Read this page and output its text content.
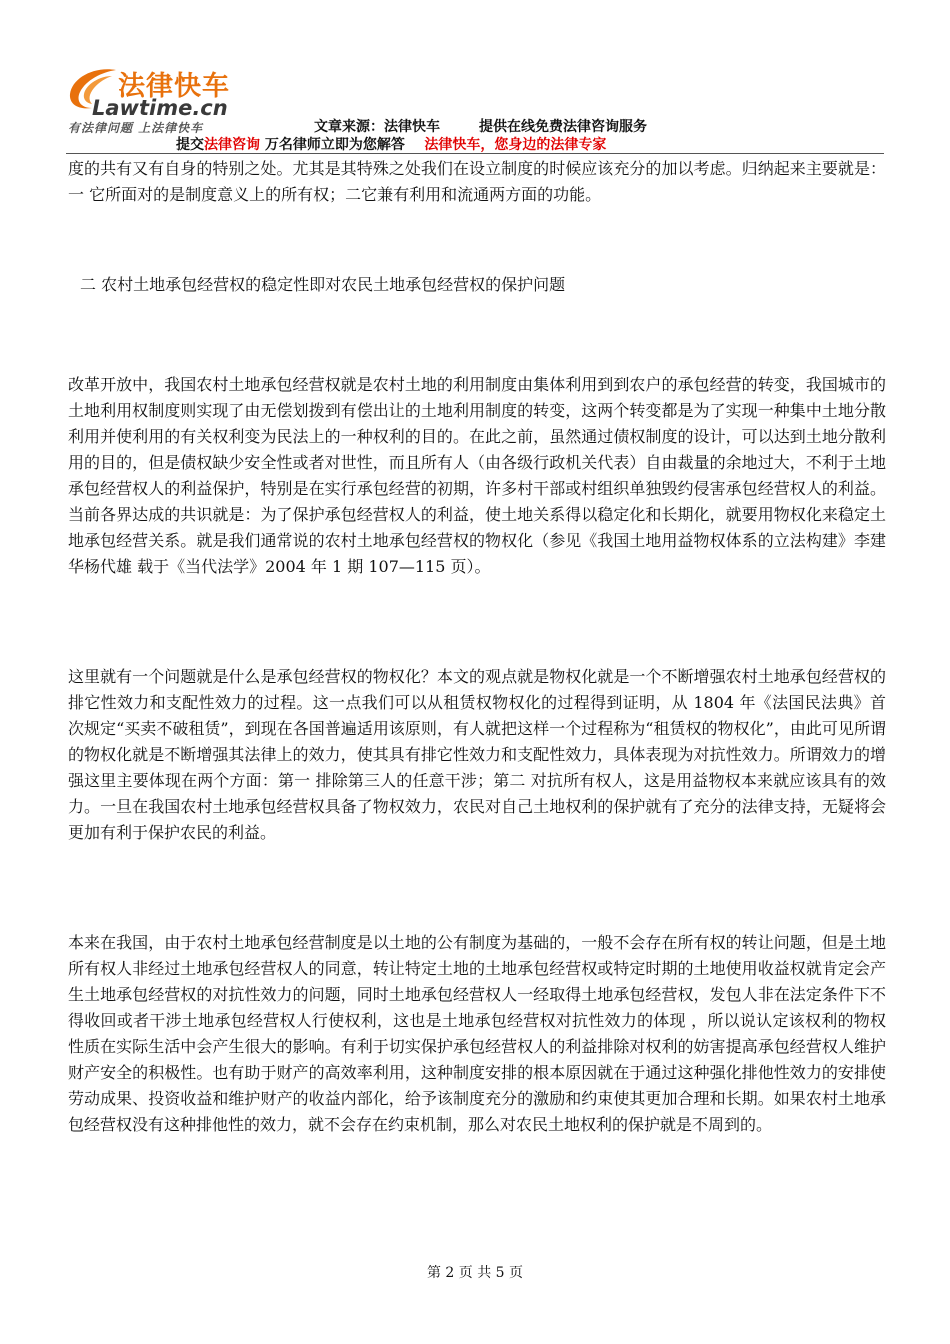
法律快车
Lawtime.cn
有法律问题 上法律快车	文章来源：法律快车	提供在线免费法律咨询服务
提交法律咨询 万名律师立即为您解答 法律快车，您身边的法律专家

度的共有又有自身的特别之处。尤其是其特殊之处我们在设立制度的时候应该充分的加以考虑。归纳起来主要就是：一 它所面对的是制度意义上的所有权；二它兼有利用和流通两方面的功能。

二 农村土地承包经营权的稳定性即对农民土地承包经营权的保护问题

改革开放中，我国农村土地承包经营权就是农村土地的利用制度由集体利用到到农户的承包经营的转变，我国城市的土地利用权制度则实现了由无偿划拨到有偿出让的土地利用制度的转变，这两个转变都是为了实现一种集中土地分散利用并使利用的有关权利变为民法上的一种权利的目的。在此之前，虽然通过债权制度的设计，可以达到土地分散利用的目的，但是债权缺少安全性或者对世性，而且所有人（由各级行政机关代表）自由裁量的余地过大，不利于土地承包经营权人的利益保护，特别是在实行承包经营的初期，许多村干部或村组织单独毁约侵害承包经营权人的利益。当前各界达成的共识就是：为了保护承包经营权人的利益，使土地关系得以稳定化和长期化，就要用物权化来稳定土地承包经营关系。就是我们通常说的农村土地承包经营权的物权化（参见《我国土地用益物权体系的立法构建》李建华杨代雄 载于《当代法学》2004 年 1 期 107—115 页）。

这里就有一个问题就是什么是承包经营权的物权化？本文的观点就是物权化就是一个不断增强农村土地承包经营权的排它性效力和支配性效力的过程。这一点我们可以从租赁权物权化的过程得到证明，从 1804 年《法国民法典》首次规定“买卖不破租赁”，到现在各国普遍适用该原则，有人就把这样一个过程称为“租赁权的物权化”，由此可见所谓的物权化就是不断增强其法律上的效力，使其具有排它性效力和支配性效力，具体表现为对抗性效力。所谓效力的增强这里主要体现在两个方面：第一 排除第三人的任意干涉；第二 对抗所有权人，这是用益物权本来就应该具有的效力。一旦在我国农村土地承包经营权具备了物权效力，农民对自己土地权利的保护就有了充分的法律支持，无疑将会更加有利于保护农民的利益。

本来在我国，由于农村土地承包经营制度是以土地的公有制度为基础的，一般不会存在所有权的转让问题，但是土地所有权人非经过土地承包经营权人的同意，转让特定土地的土地承包经营权或特定时期的土地使用收益权就肯定会产生土地承包经营权的对抗性效力的问题，同时土地承包经营权人一经取得土地承包经营权，发包人非在法定条件下不得收回或者干涉土地承包经营权人行使权利，这也是土地承包经营权对抗性效力的体现 ，所以说认定该权利的物权性质在实际生活中会产生很大的影响。有利于切实保护承包经营权人的利益排除对权利的妨害提高承包经营权人维护财产安全的积极性。也有助于财产的高效率利用，这种制度安排的根本原因就在于通过这种强化排他性效力的安排使劳动成果、投资收益和维护财产的收益内部化，给予该制度充分的激励和约束使其更加合理和长期。如果农村土地承包经营权没有这种排他性的效力，就不会存在约束机制，那么对农民土地权利的保护就是不周到的。

第 2 页 共 5 页
